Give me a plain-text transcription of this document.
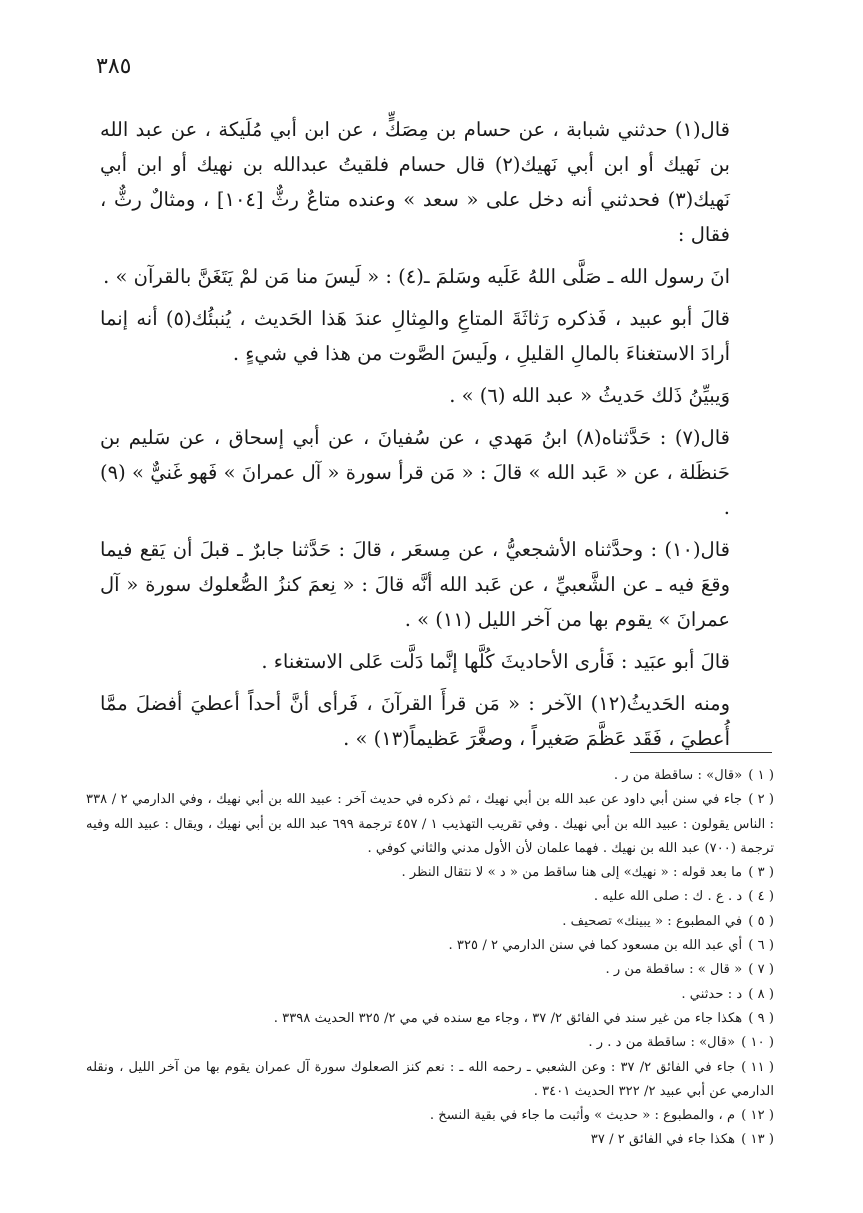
٣٨٥

قال(١) حدثني شبابة ، عن حسام بن مِصَكٍّ ، عن ابن أبي مُلَيكة ، عن عبد الله بن نَهيك أو ابن أبي نَهيك(٢) قال حسام فلقيتُ عبدالله بن نهيك أو ابن أبي نَهيك(٣) فحدثني أنه دخل على « سعد » وعنده متاعٌ رثٌّ [١٠٤] ، ومثالٌ رثٌّ ، فقال :

انَ رسول الله ـ صَلَّى اللهُ عَلَيه وسَلمَ ـ(٤) : « لَيسَ منا مَن لمْ يَتَغَنَّ بالقرآن » .

قالَ أبو عبيد ، فَذكره رَثاثَةَ المتاعِ والمِثالِ عندَ هَذا الحَديث ، يُنبئُك(٥) أنه إنما أرادَ الاستغناءَ بالمالِ القليلِ ، ولَيسَ الصَّوت من هذا في شيءٍ .

وَيبيِّنُ ذَلك حَديثُ « عبد الله (٦) » .

قال(٧) : حَدَّثناه(٨) ابنُ مَهدي ، عن سُفيانَ ، عن أبي إسحاق ، عن سَليم بن حَنظَلة ، عن « عَبد الله » قالَ : « مَن قرأ سورة « آل عمرانَ » فَهو غَنيٌّ » (٩) .

قال(١٠) : وحدَّثناه الأشجعيُّ ، عن مِسعَر ، قالَ : حَدَّثنا جابرٌ ـ قبلَ أن يَقع فيما وقعَ فيه ـ عن الشَّعبيِّ ، عن عَبد الله أنَّه قالَ : « نِعمَ كنزُ الصُّعلوك سورة « آل عمرانَ » يقوم بها من آخر الليل (١١) » .

قالَ أبو عبَيد : فَأرى الأحاديثَ كُلَّها إنَّما دَلَّت عَلى الاستغناء .

ومنه الحَديثُ(١٢) الآخر : « مَن قرأَ القرآنَ ، فَرأى أنَّ أحداً أعطيَ أفضلَ ممَّا أُعطيَ ، فَقَد عَظَّمَ صَغيراً ، وصغَّرَ عَظيماً(١٣) » .

( ١ )«قال» : ساقطة من ر .

( ٢ )جاء في سنن أبي داود عن عبد الله بن أبي نهيك ، ثم ذكره في حديث آخر : عبيد الله بن أبي نهيك ، وفي الدارمي ٢ / ٣٣٨ : الناس يقولون : عبيد الله بن أبي نهيك . وفي تقريب التهذيب ١ / ٤٥٧ ترجمة ٦٩٩ عبد الله بن أبي نهيك ، ويقال : عبيد الله وفيه ترجمة (٧٠٠) عبد الله بن نهيك . فهما علمان لأن الأول مدني والثاني كوفي .

( ٣ )ما بعد قوله : « نهيك» إلى هنا ساقط من « د » لا نتقال النظر .

( ٤ )د . ع . ك : صلى الله عليه .

( ٥ )في المطبوع : « يبينك» تصحيف .

( ٦ )أي عبد الله بن مسعود كما في سنن الدارمي ٢ / ٣٢٥ .

( ٧ )« قال » : ساقطة من ر .

( ٨ )د : حدثني .

( ٩ )هكذا جاء من غير سند في الفائق ٢/ ٣٧ ، وجاء مع سنده في مي ٢/ ٣٢٥ الحديث ٣٣٩٨ .

( ١٠ )«قال» : ساقطة من د . ر .

( ١١ )جاء في الفائق ٢/ ٣٧ : وعن الشعبي ـ رحمه الله ـ : نعم كنز الصعلوك سورة آل عمران يقوم بها من آخر الليل ، ونقله الدارمي عن أبي عبيد ٢/ ٣٢٢ الحديث ٣٤٠١ .

( ١٢ )م ، والمطبوع : « حديث » وأثبت ما جاء في بقية النسخ .

( ١٣ )هكذا جاء في الفائق ٢ / ٣٧
